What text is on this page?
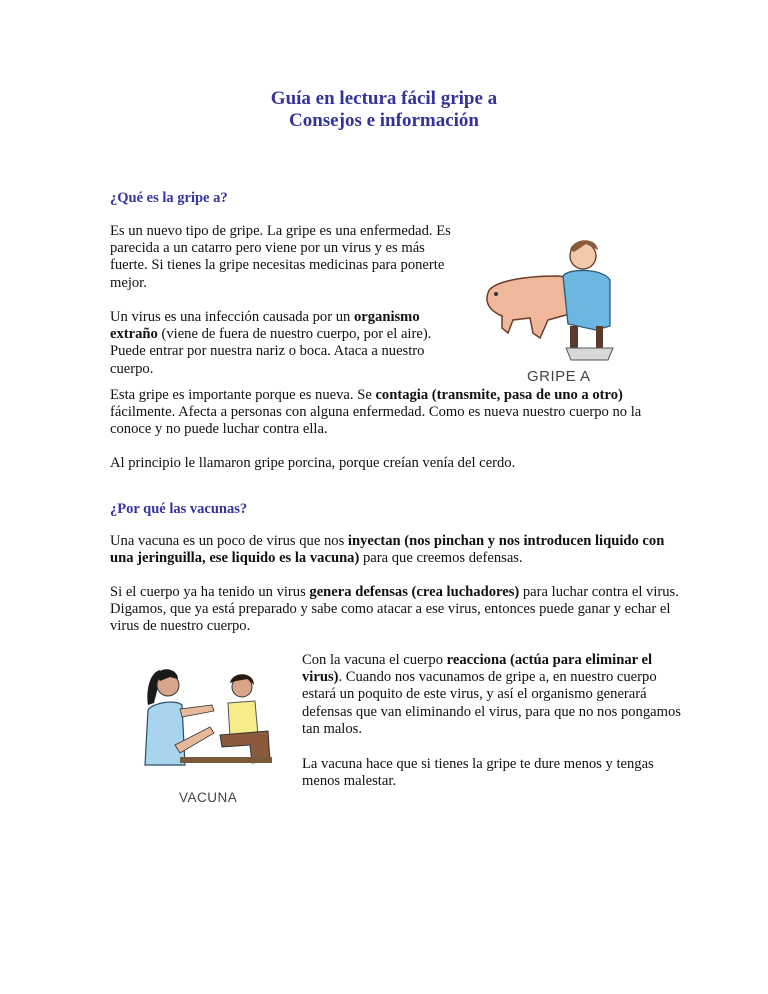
Guía en lectura fácil gripe a
Consejos e información
¿Qué es la gripe a?
Es un nuevo tipo de gripe. La gripe es una enfermedad. Es parecida a un catarro pero viene por un virus y es más fuerte. Si tienes la gripe necesitas medicinas para ponerte mejor.
Un virus es una infección causada por un organismo extraño (viene de fuera de nuestro cuerpo, por el aire). Puede entrar por nuestra nariz o boca. Ataca a nuestro cuerpo.	GRIPE A
Esta gripe es importante porque es nueva. Se contagia (transmite, pasa de uno a otro) fácilmente. Afecta a personas con alguna enfermedad. Como es nueva nuestro cuerpo no la conoce y no puede luchar contra ella.
Al principio le llamaron gripe porcina, porque creían venía del cerdo.
¿Por qué las vacunas?
Una vacuna es un poco de virus que nos inyectan (nos pinchan y nos introducen liquido con una jeringuilla, ese liquido es la vacuna) para que creemos defensas.
Si el cuerpo ya ha tenido un virus genera defensas (crea luchadores) para luchar contra el virus. Digamos, que ya está preparado y sabe como atacar a ese virus, entonces puede ganar y echar el virus de nuestro cuerpo.
VACUNA
Con la vacuna el cuerpo reacciona (actúa para eliminar el virus). Cuando nos vacunamos de gripe a, en nuestro cuerpo estará un poquito de este virus, y así el organismo generará defensas que van eliminando el virus, para que no nos pongamos tan malos.
La vacuna hace que si tienes la gripe te dure menos y tengas menos malestar.
